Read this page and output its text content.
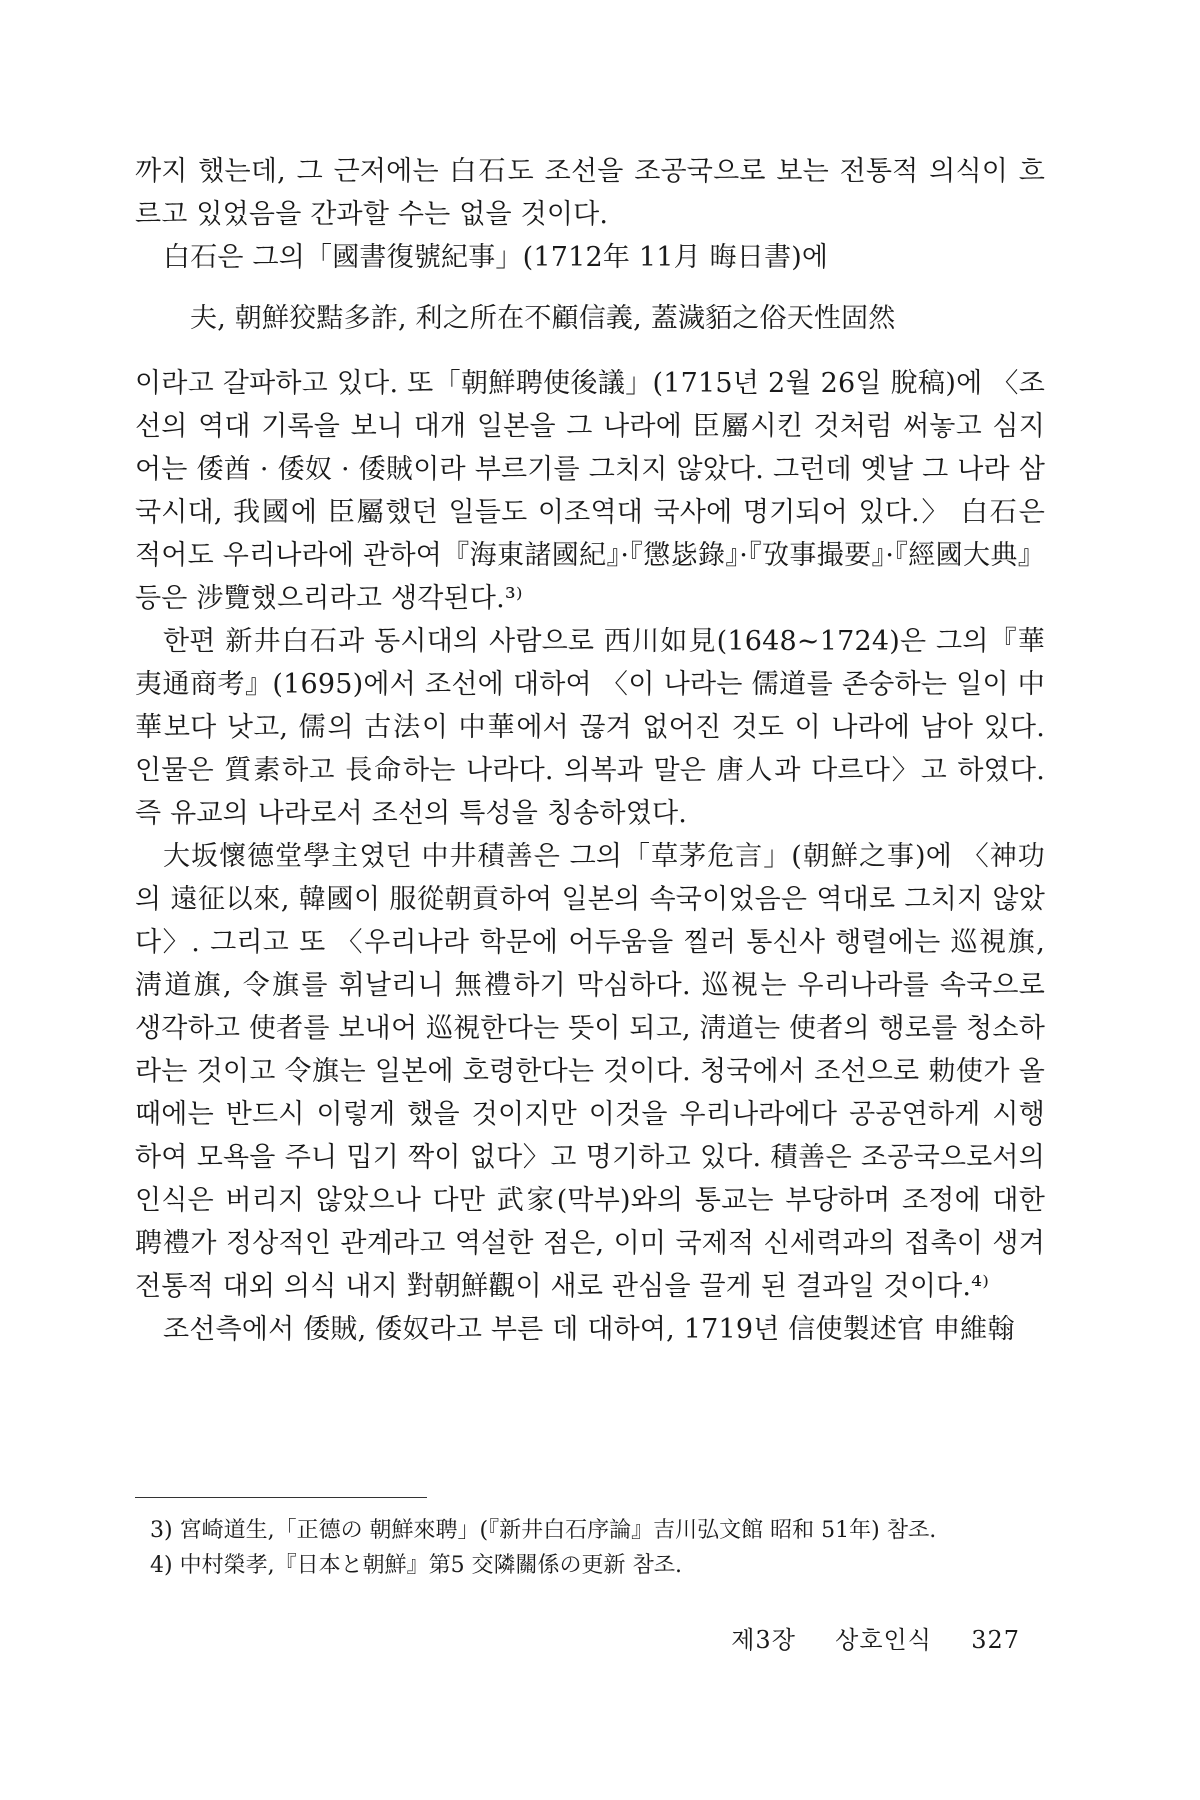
까지 했는데, 그 근저에는 白石도 조선을 조공국으로 보는 전통적 의식이 흐르고 있었음을 간과할 수는 없을 것이다.

白石은 그의「國書復號紀事」(1712年 11月 晦日書)에

夫, 朝鮮狡黠多詐, 利之所在不顧信義, 蓋濊貊之俗天性固然

이라고 갈파하고 있다. 또「朝鮮聘使後議」(1715년 2월 26일 脫稿)에 〈조선의 역대 기록을 보니 대개 일본을 그 나라에 臣屬시킨 것처럼 써놓고 심지어는 倭酋 · 倭奴 · 倭賊이라 부르기를 그치지 않았다. 그런데 옛날 그 나라 삼국시대, 我國에 臣屬했던 일들도 이조역대 국사에 명기되어 있다.〉 白石은 적어도 우리나라에 관하여『海東諸國紀』·『懲毖錄』·『攷事撮要』·『經國大典』등은 涉覽했으리라고 생각된다.³⁾

한편 新井白石과 동시대의 사람으로 西川如見(1648~1724)은 그의『華夷通商考』(1695)에서 조선에 대하여 〈이 나라는 儒道를 존숭하는 일이 中華보다 낫고, 儒의 古法이 中華에서 끊겨 없어진 것도 이 나라에 남아 있다. 인물은 質素하고 長命하는 나라다. 의복과 말은 唐人과 다르다〉고 하였다. 즉 유교의 나라로서 조선의 특성을 칭송하였다.

大坂懷德堂學主였던 中井積善은 그의「草茅危言」(朝鮮之事)에 〈神功의 遠征以來, 韓國이 服從朝貢하여 일본의 속국이었음은 역대로 그치지 않았다〉. 그리고 또 〈우리나라 학문에 어두움을 찔러 통신사 행렬에는 巡視旗, 淸道旗, 令旗를 휘날리니 無禮하기 막심하다. 巡視는 우리나라를 속국으로 생각하고 使者를 보내어 巡視한다는 뜻이 되고, 淸道는 使者의 행로를 청소하라는 것이고 令旗는 일본에 호령한다는 것이다. 청국에서 조선으로 勅使가 올때에는 반드시 이렇게 했을 것이지만 이것을 우리나라에다 공공연하게 시행하여 모욕을 주니 밉기 짝이 없다〉고 명기하고 있다. 積善은 조공국으로서의 인식은 버리지 않았으나 다만 武家(막부)와의 통교는 부당하며 조정에 대한 聘禮가 정상적인 관계라고 역설한 점은, 이미 국제적 신세력과의 접촉이 생겨 전통적 대외 의식 내지 對朝鮮觀이 새로 관심을 끌게 된 결과일 것이다.⁴⁾

조선측에서 倭賊, 倭奴라고 부른 데 대하여, 1719년 信使製述官 申維翰

3) 宮崎道生,「正德の 朝鮮來聘」(『新井白石序論』吉川弘文館 昭和 51年) 참조.

4) 中村榮孝,『日本と朝鮮』第5 交隣關係の更新 참조.

제3장 상호인식 327
